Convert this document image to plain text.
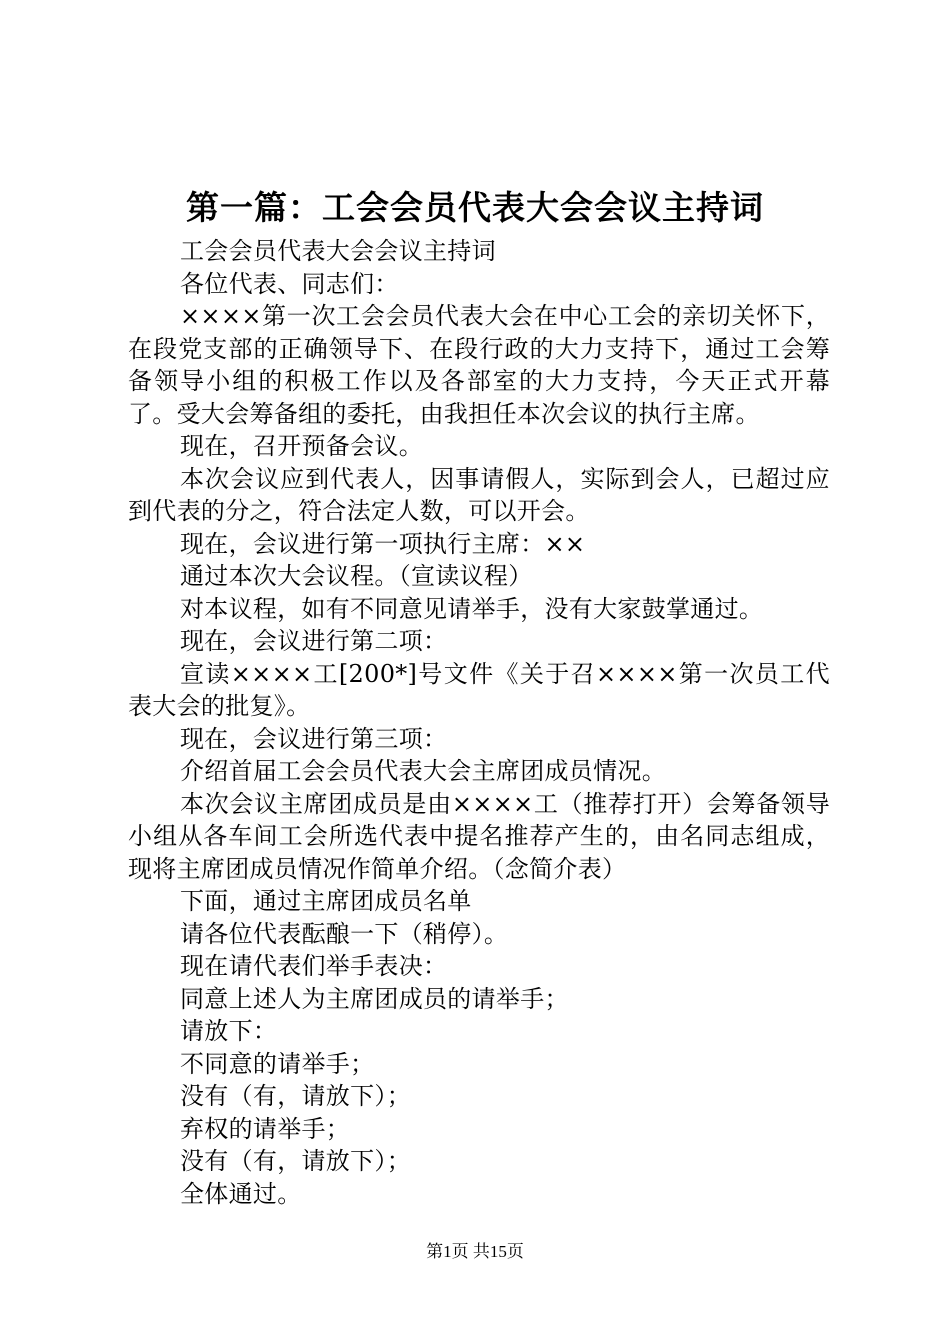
第一篇：工会会员代表大会会议主持词

工会会员代表大会会议主持词

各位代表、同志们：

××××第一次工会会员代表大会在中心工会的亲切关怀下，在段党支部的正确领导下、在段行政的大力支持下，通过工会筹备领导小组的积极工作以及各部室的大力支持，今天正式开幕了。受大会筹备组的委托，由我担任本次会议的执行主席。

现在，召开预备会议。

本次会议应到代表人，因事请假人，实际到会人，已超过应到代表的分之，符合法定人数，可以开会。

现在，会议进行第一项执行主席：××

通过本次大会议程。（宣读议程）

对本议程，如有不同意见请举手，没有大家鼓掌通过。

现在，会议进行第二项：

宣读××××工[200*]号文件《关于召××××第一次员工代表大会的批复》。

现在，会议进行第三项：

介绍首届工会会员代表大会主席团成员情况。

本次会议主席团成员是由××××工（推荐打开）会筹备领导小组从各车间工会所选代表中提名推荐产生的，由名同志组成，现将主席团成员情况作简单介绍。（念简介表）

下面，通过主席团成员名单

请各位代表酝酿一下（稍停）。

现在请代表们举手表决：

同意上述人为主席团成员的请举手；

请放下：

不同意的请举手；

没有（有，请放下）；

弃权的请举手；

没有（有，请放下）；

全体通过。

第1页 共15页
